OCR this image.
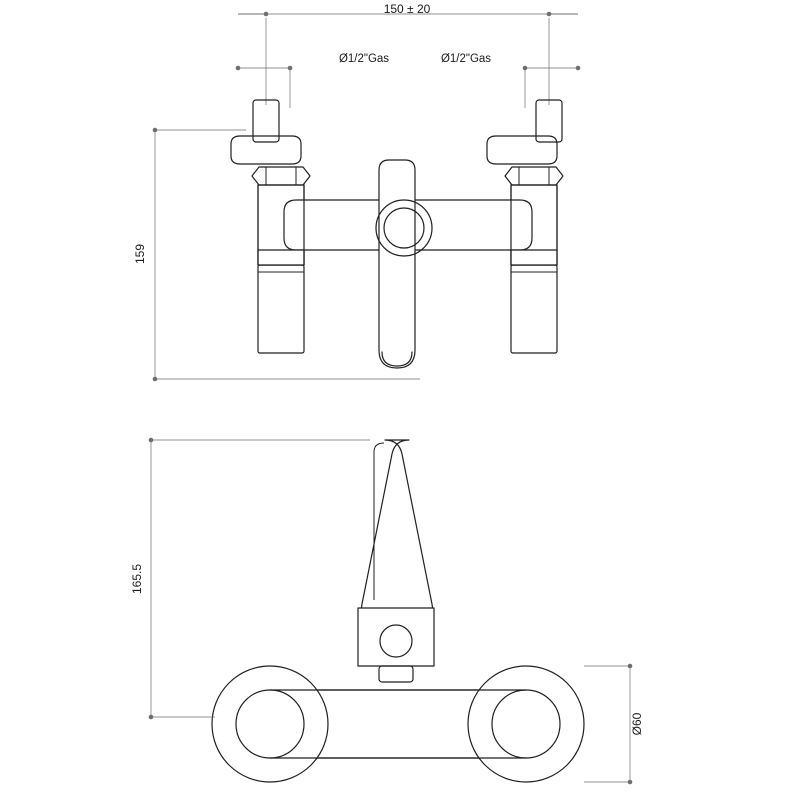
150 ± 20
Ø1/2"Gas	Ø1/2"Gas
159
165.5
Ø60
